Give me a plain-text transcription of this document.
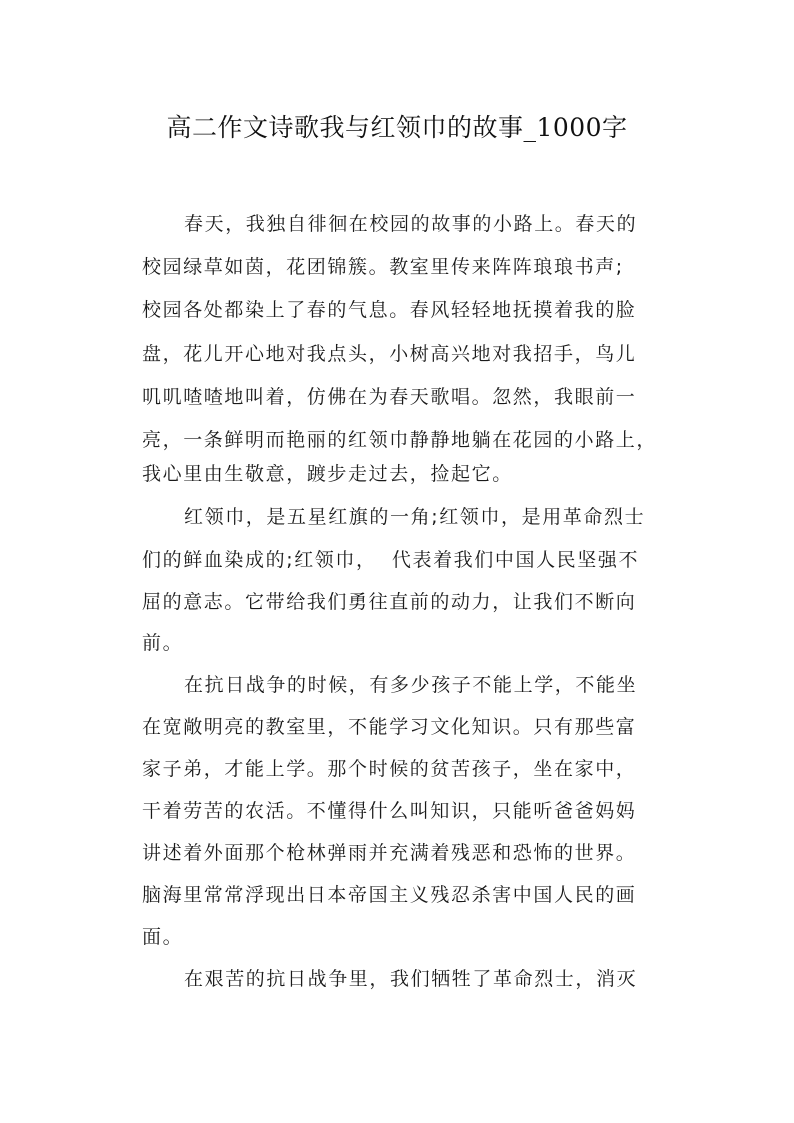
高二作文诗歌我与红领巾的故事_1000字
春天，我独自徘徊在校园的故事的小路上。春天的
校园绿草如茵，花团锦簇。教室里传来阵阵琅琅书声;
校园各处都染上了春的气息。春风轻轻地抚摸着我的脸
盘，花儿开心地对我点头，小树高兴地对我招手，鸟儿
叽叽喳喳地叫着，仿佛在为春天歌唱。忽然，我眼前一
亮，一条鲜明而艳丽的红领巾静静地躺在花园的小路上，
我心里由生敬意，踱步走过去，捡起它。
红领巾，是五星红旗的一角;红领巾，是用革命烈士
们的鲜血染成的;红领巾，  代表着我们中国人民坚强不
屈的意志。它带给我们勇往直前的动力，让我们不断向
前。
在抗日战争的时候，有多少孩子不能上学，不能坐
在宽敞明亮的教室里，不能学习文化知识。只有那些富
家子弟，才能上学。那个时候的贫苦孩子，坐在家中，
干着劳苦的农活。不懂得什么叫知识，只能听爸爸妈妈
讲述着外面那个枪林弹雨并充满着残恶和恐怖的世界。
脑海里常常浮现出日本帝国主义残忍杀害中国人民的画
面。
在艰苦的抗日战争里，我们牺牲了革命烈士，消灭
